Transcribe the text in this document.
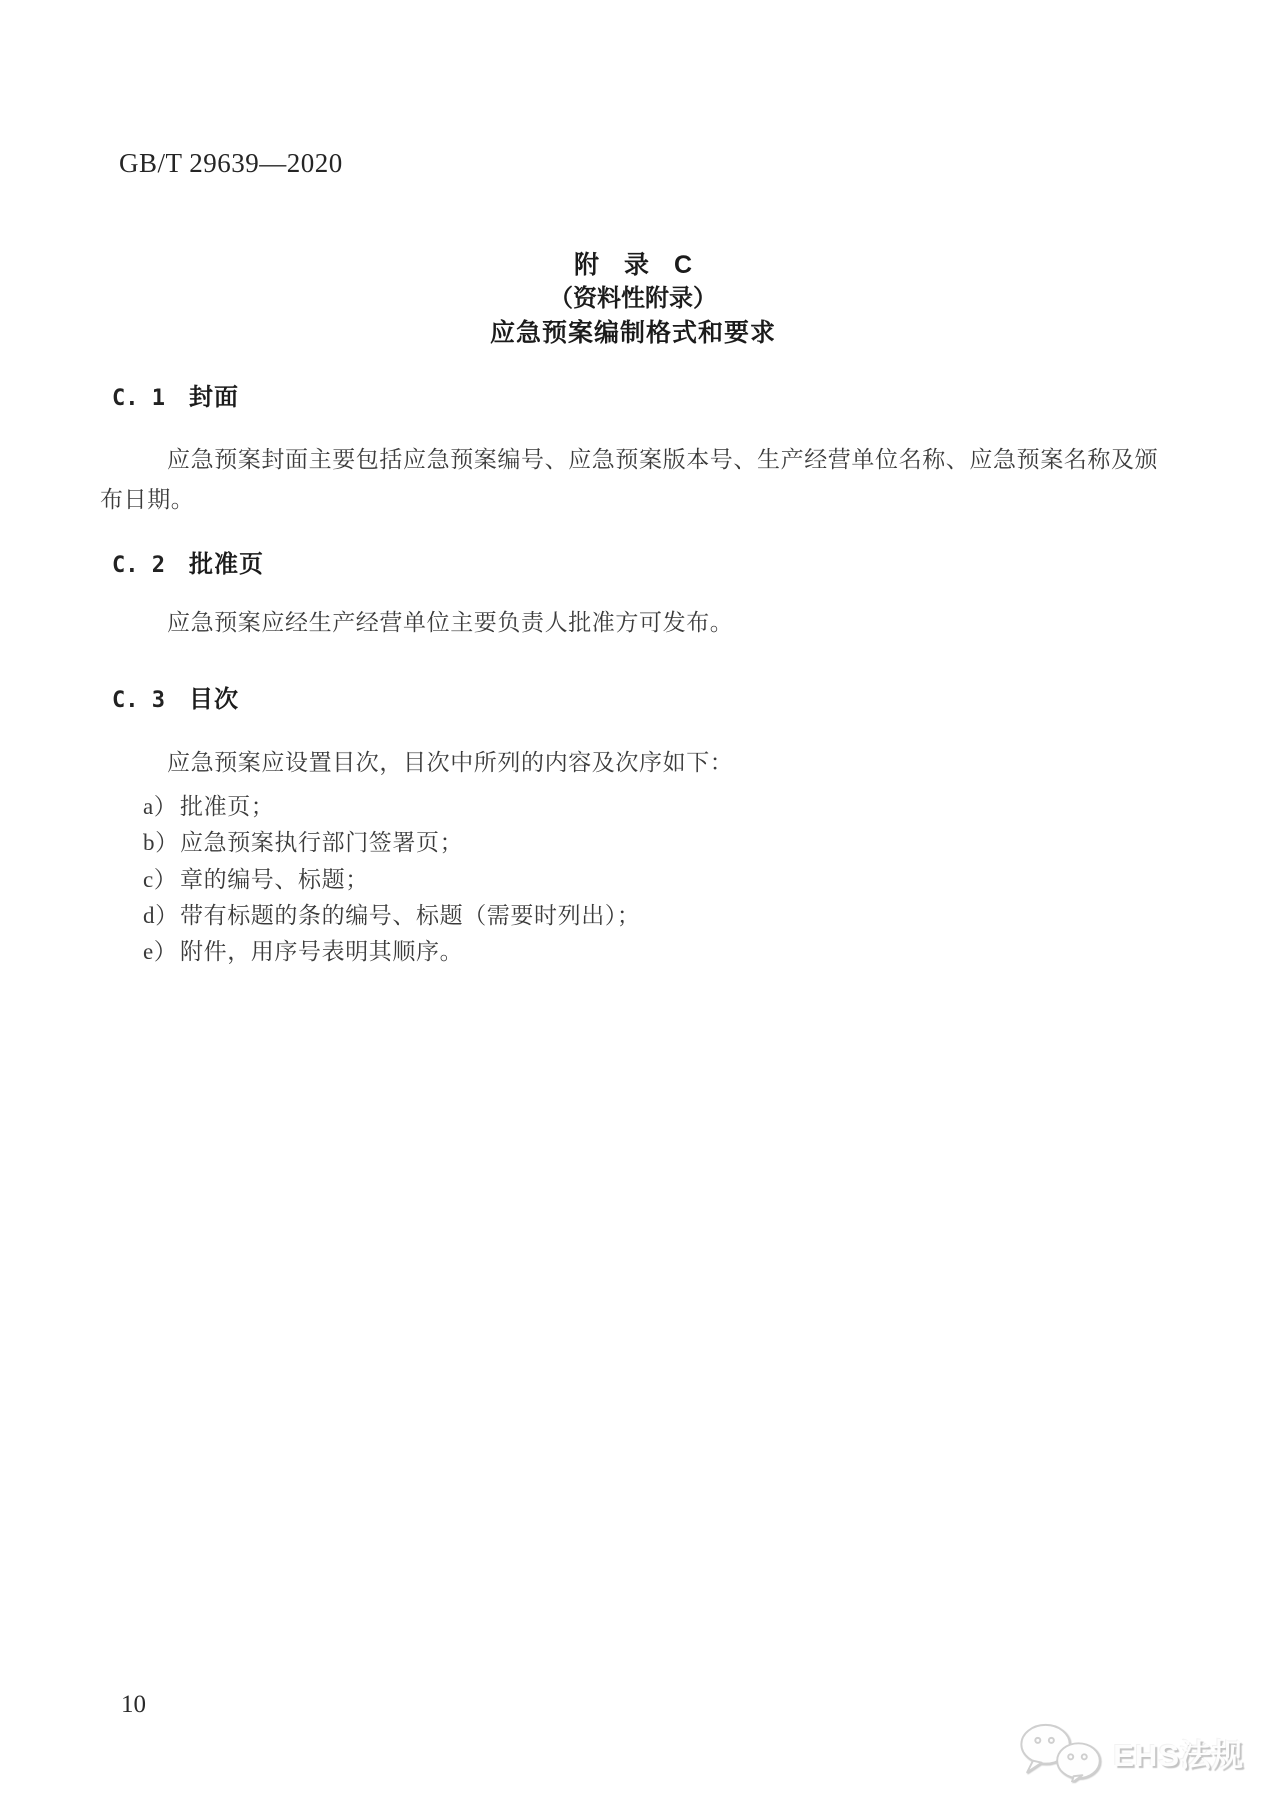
GB/T 29639—2020
附　录　C
（资料性附录）
应急预案编制格式和要求
C. 1 封面
应急预案封面主要包括应急预案编号、应急预案版本号、生产经营单位名称、应急预案名称及颁布日期。
C. 2 批准页
应急预案应经生产经营单位主要负责人批准方可发布。
C. 3 目次
应急预案应设置目次，目次中所列的内容及次序如下：
a） 批准页；
b）应急预案执行部门签署页；
c） 章的编号、标题；
d）带有标题的条的编号、标题（需要时列出）；
e） 附件，用序号表明其顺序。
10
EHS法规
